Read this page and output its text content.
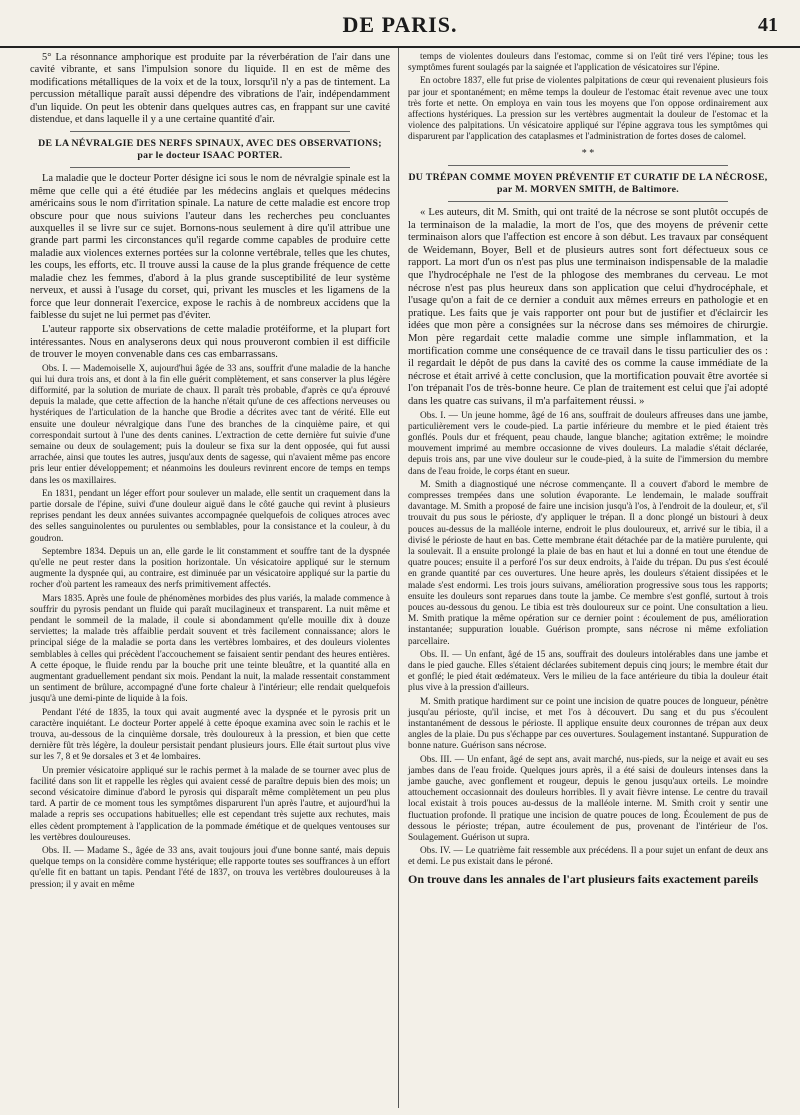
DE PARIS.	41

5° La résonnance amphorique est produite par la réverbération de l'air dans une cavité vibrante, et sans l'impulsion sonore du liquide. Il en est de même des modifications métalliques de la voix et de la toux, lorsqu'il n'y a pas de tintement. La percussion métallique paraît aussi dépendre des vibrations de l'air, indépendamment d'un liquide. On peut les obtenir dans quelques autres cas, en frappant sur une cavité distendue, et dans laquelle il y a une certaine quantité d'air.

DE LA NÉVRALGIE DES NERFS SPINAUX, AVEC DES OBSERVATIONS; par le docteur ISAAC PORTER.

La maladie que le docteur Porter désigne ici sous le nom de névralgie spinale est la même que celle qui a été étudiée par les médecins anglais et quelques médecins américains sous le nom d'irritation spinale. La nature de cette maladie est encore trop obscure pour que nous suivions l'auteur dans les recherches peu concluantes auxquelles il se livre sur ce sujet. Bornons-nous seulement à dire qu'il attribue une grande part parmi les circonstances qu'il regarde comme capables de produire cette maladie aux violences externes portées sur la colonne vertébrale, telles que les chutes, les coups, les efforts, etc. Il trouve aussi la cause de la plus grande fréquence de cette maladie chez les femmes, d'abord à la plus grande susceptibilité de leur système nerveux, et aussi à l'usage du corset, qui, privant les muscles et les ligamens de la force que leur donnerait l'exercice, expose le rachis à de nombreux accidens que la faiblesse du sujet ne lui permet pas d'éviter.

L'auteur rapporte six observations de cette maladie protéiforme, et la plupart fort intéressantes. Nous en analyserons deux qui nous prouveront combien il est difficile de trouver le moyen convenable dans ces cas embarrassans.

Obs. I. — Mademoiselle X, aujourd'hui âgée de 33 ans, souffrit d'une maladie de la hanche qui lui dura trois ans, et dont à la fin elle guérit complètement, et sans conserver la plus légère difformité, par la solution de muriate de chaux. Il paraît très probable, d'après ce qu'a éprouvé depuis la malade, que cette affection de la hanche n'était qu'une de ces affections nerveuses ou hystériques de l'articulation de la hanche que Brodie a décrites avec tant de vérité. Elle eut ensuite une douleur névralgique dans l'une des branches de la cinquième paire, et qui correspondait surtout à l'une des dents canines. L'extraction de cette dernière fut suivie d'une semaine ou deux de soulagement; puis la douleur se fixa sur la dent opposée, qui fut aussi arrachée, ainsi que toutes les autres, jusqu'aux dents de sagesse, qui n'avaient même pas encore pris leur entier développement; et néanmoins les douleurs revinrent encore de temps en temps dans les os maxillaires.

En 1831, pendant un léger effort pour soulever un malade, elle sentit un craquement dans la partie dorsale de l'épine, suivi d'une douleur aiguë dans le côté gauche qui revint à plusieurs reprises pendant les deux années suivantes accompagnée quelquefois de coliques atroces avec des selles sanguinolentes ou purulentes ou semblables, pour la consistance et la couleur, à du goudron.

Septembre 1834. Depuis un an, elle garde le lit constamment et souffre tant de la dyspnée qu'elle ne peut rester dans la position horizontale. Un vésicatoire appliqué sur le sternum augmente la dyspnée qui, au contraire, est diminuée par un vésicatoire appliqué sur la partie du rocher d'où partent les rameaux des nerfs primitivement affectés.

Mars 1835. Après une foule de phénomènes morbides des plus variés, la malade commence à souffrir du pyrosis pendant un fluide qui paraît mucilagineux et transparent. La nuit même et pendant le sommeil de la malade, il coule si abondamment qu'elle mouille dix à douze serviettes; la malade très affaiblie perdait souvent et très facilement connaissance; alors le principal siége de la maladie se porta dans les vertèbres lombaires, et des douleurs violentes semblables à celles qui précèdent l'accouchement se faisaient sentir pendant des heures entières. A cette époque, le fluide rendu par la bouche prit une teinte bleuâtre, et la quantité alla en augmentant graduellement pendant six mois. Pendant la nuit, la malade ressentait constamment un sentiment de brûlure, accompagné d'une forte chaleur à l'intérieur; elle rendait quelquefois jusqu'à une demi-pinte de liquide à la fois.

Pendant l'été de 1835, la toux qui avait augmenté avec la dyspnée et le pyrosis prit un caractère inquiétant. Le docteur Porter appelé à cette époque examina avec soin le rachis et le trouva, au-dessous de la cinquième dorsale, très douloureux à la pression, et bien que cette dernière fût très légère, la douleur persistait pendant plusieurs jours. Elle était surtout plus vive sur les 7, 8 et 9e dorsales et 3 et 4e lombaires.

Un premier vésicatoire appliqué sur le rachis permet à la malade de se tourner avec plus de facilité dans son lit et rappelle les règles qui avaient cessé de paraître depuis bien des mois; un second vésicatoire diminue d'abord le pyrosis qui disparaît même complètement un peu plus tard. A partir de ce moment tous les symptômes disparurent l'un après l'autre, et aujourd'hui la malade a repris ses occupations habituelles; elle est cependant très sujette aux rechutes, mais elles cèdent promptement à l'application de la pommade émétique et de quelques ventouses sur les vertèbres douloureuses.

Obs. II. — Madame S., âgée de 33 ans, avait toujours joui d'une bonne santé, mais depuis quelque temps on la considère comme hystérique; elle rapporte toutes ses souffrances à un effort qu'elle fit en battant un tapis. Pendant l'été de 1837, on trouva les vertèbres douloureuses à la pression; il y avait en même

temps de violentes douleurs dans l'estomac, comme si on l'eût tiré vers l'épine; tous les symptômes furent soulagés par la saignée et l'application de vésicatoires sur l'épine.

En octobre 1837, elle fut prise de violentes palpitations de cœur qui revenaient plusieurs fois par jour et spontanément; en même temps la douleur de l'estomac était revenue avec une toux très forte et nette. On employa en vain tous les moyens que l'on oppose ordinairement aux affections hystériques. La pression sur les vertèbres augmentait la douleur de l'estomac et la violence des palpitations. Un vésicatoire appliqué sur l'épine aggrava tous les symptômes qui disparurent par l'application des cataplasmes et l'administration de fortes doses de calomel.

* *
DU TRÉPAN COMME MOYEN PRÉVENTIF ET CURATIF DE LA NÉCROSE, par M. MORVEN SMITH, de Baltimore.

« Les auteurs, dit M. Smith, qui ont traité de la nécrose se sont plutôt occupés de la terminaison de la maladie, la mort de l'os, que des moyens de prévenir cette terminaison alors que l'affection est encore à son début. Les travaux par conséquent de Weidemann, Boyer, Bell et de plusieurs autres sont fort défectueux sous ce rapport. La mort d'un os n'est pas plus une terminaison indispensable de la maladie que l'hydrocéphale ne l'est de la phlogose des membranes du cerveau. Le mot nécrose n'est pas plus heureux dans son application que celui d'hydrocéphale, et l'usage qu'on a fait de ce dernier a conduit aux mêmes erreurs en pathologie et en pratique. Les faits que je vais rapporter ont pour but de justifier et d'éclaircir les idées que mon père a consignées sur la nécrose dans ses mémoires de chirurgie. Mon père regardait cette maladie comme une simple inflammation, et la mortification comme une conséquence de ce travail dans le tissu particulier des os : il regardait le dépôt de pus dans la cavité des os comme la cause immédiate de la nécrose et était arrivé à cette conclusion, que la mortification pouvait être avortée si l'on trépanait l'os de très-bonne heure. Ce plan de traitement est celui que j'ai adopté dans les quatre cas suivans, il m'a parfaitement réussi. »

Obs. I. — Un jeune homme, âgé de 16 ans, souffrait de douleurs affreuses dans une jambe, particulièrement vers le coude-pied. La partie inférieure du membre et le pied étaient très gonflés. Pouls dur et fréquent, peau chaude, langue blanche; agitation extrême; le moindre mouvement imprimé au membre occasionne de vives douleurs. La maladie s'était déclarée, depuis trois ans, par une vive douleur sur le coude-pied, à la suite de l'immersion du membre dans de l'eau froide, le corps étant en sueur.

M. Smith a diagnostiqué une nécrose commençante. Il a couvert d'abord le membre de compresses trempées dans une solution évaporante. Le lendemain, le malade souffrait davantage. M. Smith a proposé de faire une incision jusqu'à l'os, à l'endroit de la douleur, et, s'il trouvait du pus sous le périoste, d'y appliquer le trépan. Il a donc plongé un bistouri à deux pouces au-dessus de la malléole interne, endroit le plus douloureux, et, arrivé sur le tibia, il a divisé le périoste de haut en bas. Cette membrane était détachée par de la matière purulente, qui la soulevait. Il a ensuite prolongé la plaie de bas en haut et lui a donné en tout une étendue de quatre pouces; ensuite il a perforé l'os sur deux endroits, à l'aide du trépan. Du pus s'est écoulé en grande quantité par ces ouvertures. Une heure après, les douleurs s'étaient dissipées et le malade s'est endormi. Les trois jours suivans, amélioration progressive sous tous les rapports; ensuite les douleurs sont reparues dans toute la jambe. Ce membre s'est gonflé, surtout à trois pouces au-dessous du genou. Le tibia est très douloureux sur ce point. Une consultation a lieu. M. Smith pratique la même opération sur ce dernier point : écoulement de pus, amélioration instantanée; suppuration louable. Guérison prompte, sans nécrose ni même exfoliation parcellaire.

Obs. II. — Un enfant, âgé de 15 ans, souffrait des douleurs intolérables dans une jambe et dans le pied gauche. Elles s'étaient déclarées subitement depuis cinq jours; le membre était dur et gonflé; le pied était œdémateux. Vers le milieu de la face antérieure du tibia la douleur était plus vive à la pression d'ailleurs.

M. Smith pratique hardiment sur ce point une incision de quatre pouces de longueur, pénètre jusqu'au périoste, qu'il incise, et met l'os à découvert. Du sang et du pus s'écoulent instantanément de dessous le périoste. Il applique ensuite deux couronnes de trépan aux deux angles de la plaie. Du pus s'échappe par ces ouvertures. Soulagement instantané. Suppuration de bonne nature. Guérison sans nécrose.

Obs. III. — Un enfant, âgé de sept ans, avait marché, nus-pieds, sur la neige et avait eu ses jambes dans de l'eau froide. Quelques jours après, il a été saisi de douleurs intenses dans la jambe gauche, avec gonflement et rougeur, depuis le genou jusqu'aux orteils. Le moindre attouchement occasionnait des douleurs horribles. Il y avait fièvre intense. Le centre du travail local existait à trois pouces au-dessus de la malléole interne. M. Smith croit y sentir une fluctuation profonde. Il pratique une incision de quatre pouces de long. Écoulement de pus de dessous le périoste; trépan, autre écoulement de pus, provenant de l'intérieur de l'os. Soulagement. Guérison ut supra.

Obs. IV. — Le quatrième fait ressemble aux précédens. Il a pour sujet un enfant de deux ans et demi. Le pus existait dans le péroné.

On trouve dans les annales de l'art plusieurs faits exactement pareils
